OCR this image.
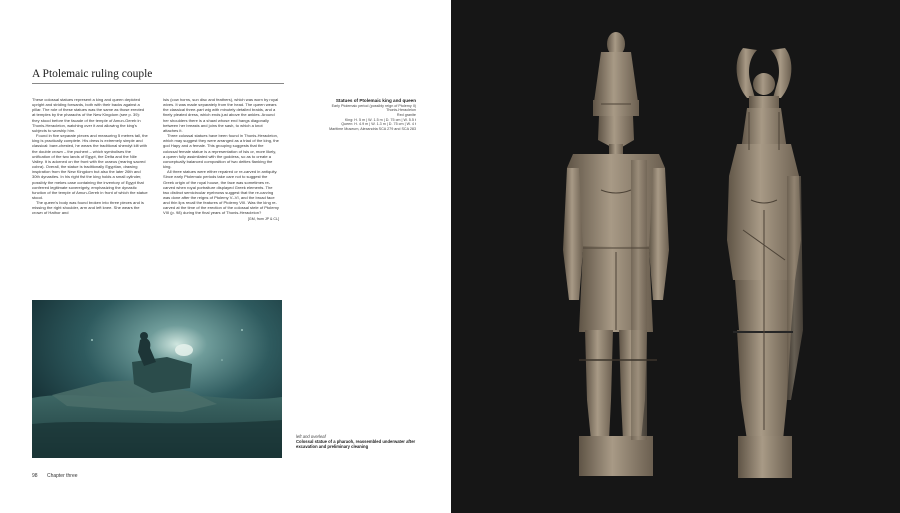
A Ptolemaic ruling couple

These colossal statues represent a king and queen depicted upright and striding forwards, both with their backs against a pillar. The role of these statues was the same as those erected at temples by the pharaohs of the New Kingdom (see p. 39): they stood before the facade of the temple of Amun-Gereb in Thonis-Heracleion, watching over it and allowing the king's subjects to worship him.

Found in five separate pieces and measuring 5 metres tall, the king is practically complete. His dress is extremely simple and classical: bare-chested, he wears the traditional shendyt kilt with the double crown – the pschent – which symbolises the unification of the two lands of Egypt, the Delta and the Nile Valley. It is adorned on the front with the uraeus (rearing sacred cobra). Overall, the statue is traditionally Egyptian, drawing inspiration from the New Kingdom but also the later 26th and 30th dynasties. In his right fist the king holds a small cylinder, possibly the mekes case containing the inventory of Egypt that conferred legitimate sovereignty, emphasizing the dynastic function of the temple of Amun-Gereb in front of which the statue stood.

The queen's body was found broken into three pieces and is missing the right shoulder, arm and left knee. She wears the crown of Hathor and

Isis (cow horns, sun disc and feathers), which was worn by royal wives. It was made separately from the head. The queen wears the classical three-part wig with minutely detailed braids, and a finely pleated dress, which ends just above the ankles. Around her shoulders there is a shawl whose end hangs diagonally between her breasts and joins the sash, to which a knot attaches it.

Three colossal statues have been found in Thonis-Heracleion, which may suggest they were arranged as a triad of the king, the god Hapy and a female. This grouping suggests that the colossal female statue is a representation of Isis or, more likely, a queen fully assimilated with the goddess, so as to create a conceptually balanced composition of two deities flanking the king.

All three statues were either repaired or re-carved in antiquity. Since early Ptolemaic periods take care not to suggest the Greek origin of the royal house, the face was sometimes re-carved when royal portraiture displayed Greek elements. The two distinct semicircular eyebrows suggest that the re-carving was done after the reigns of Ptolemy V–VI, and the broad face and thin lips recall the features of Ptolemy VIII. Was the king re-carved at the time of the erection of the colossal stele of Ptolemy VIII (p. 98) during the final years of Thonis-Heracleion?

[GM, from JP & CL]
Statues of Ptolemaic king and queen
Early Ptolemaic period (possibly reign of Ptolemy II)
Thonis-Heracleion
Red granite
King: H. 5 m | W. 1.5 m | D. 75 cm | W. 5.5 t
Queen: H. 4.9 m | W. 1.3 m | D. 75 cm | W. 4 t
Maritime Museum, Alexandria SCA 279 and SCA 283
left and overleaf
Colossal statue of a pharaoh, reassembled underwater after excavation and preliminary cleaning
98 Chapter three
